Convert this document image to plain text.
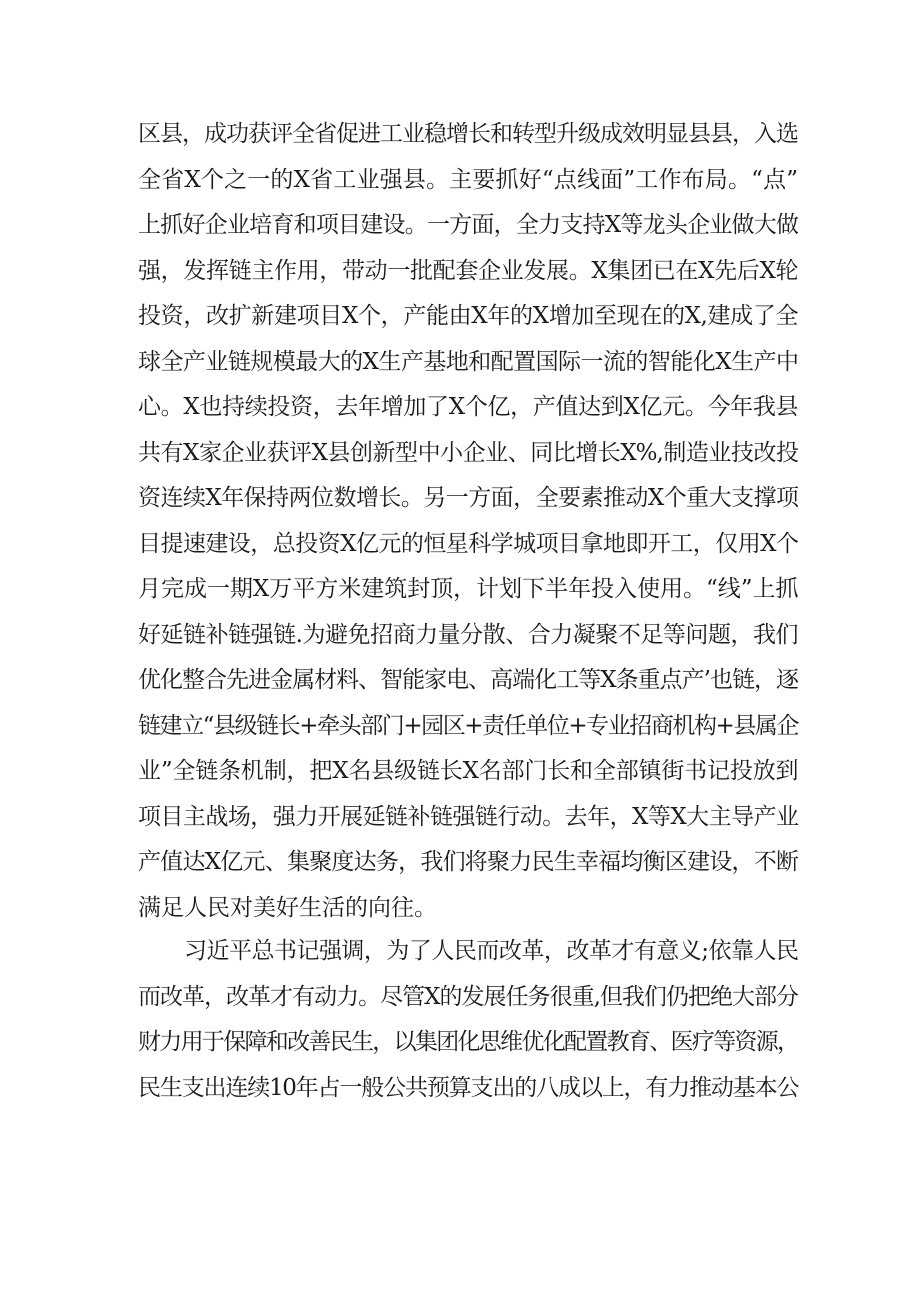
区县，成功获评全省促进工业稳增长和转型升级成效明显县县，入选
全省X个之一的X省工业强县。主要抓好“点线面”工作布局。“点”
上抓好企业培育和项目建设。一方面，全力支持X等龙头企业做大做
强，发挥链主作用，带动一批配套企业发展。X集团已在X先后X轮
投资，改扩新建项目X个，产能由X年的X增加至现在的X,建成了全
球全产业链规模最大的X生产基地和配置国际一流的智能化X生产中
心。X也持续投资，去年增加了X个亿，产值达到X亿元。今年我县
共有X家企业获评X县创新型中小企业、同比增长X%,制造业技改投
资连续X年保持两位数增长。另一方面，全要素推动X个重大支撑项
目提速建设，总投资X亿元的恒星科学城项目拿地即开工，仅用X个
月完成一期X万平方米建筑封顶，计划下半年投入使用。“线”上抓
好延链补链强链.为避免招商力量分散、合力凝聚不足等问题，我们
优化整合先进金属材料、智能家电、高端化工等X条重点产’也链，逐
链建立“县级链长+牵头部门+园区+责任单位+专业招商机构+县属企
业”全链条机制，把X名县级链长X名部门长和全部镇街书记投放到
项目主战场，强力开展延链补链强链行动。去年，X等X大主导产业
产值达X亿元、集聚度达务，我们将聚力民生幸福均衡区建设，不断
满足人民对美好生活的向往。
习近平总书记强调，为了人民而改革，改革才有意义;依靠人民
而改革，改革才有动力。尽管X的发展任务很重,但我们仍把绝大部分
财力用于保障和改善民生，以集团化思维优化配置教育、医疗等资源，
民生支出连续10年占一般公共预算支出的八成以上，有力推动基本公
